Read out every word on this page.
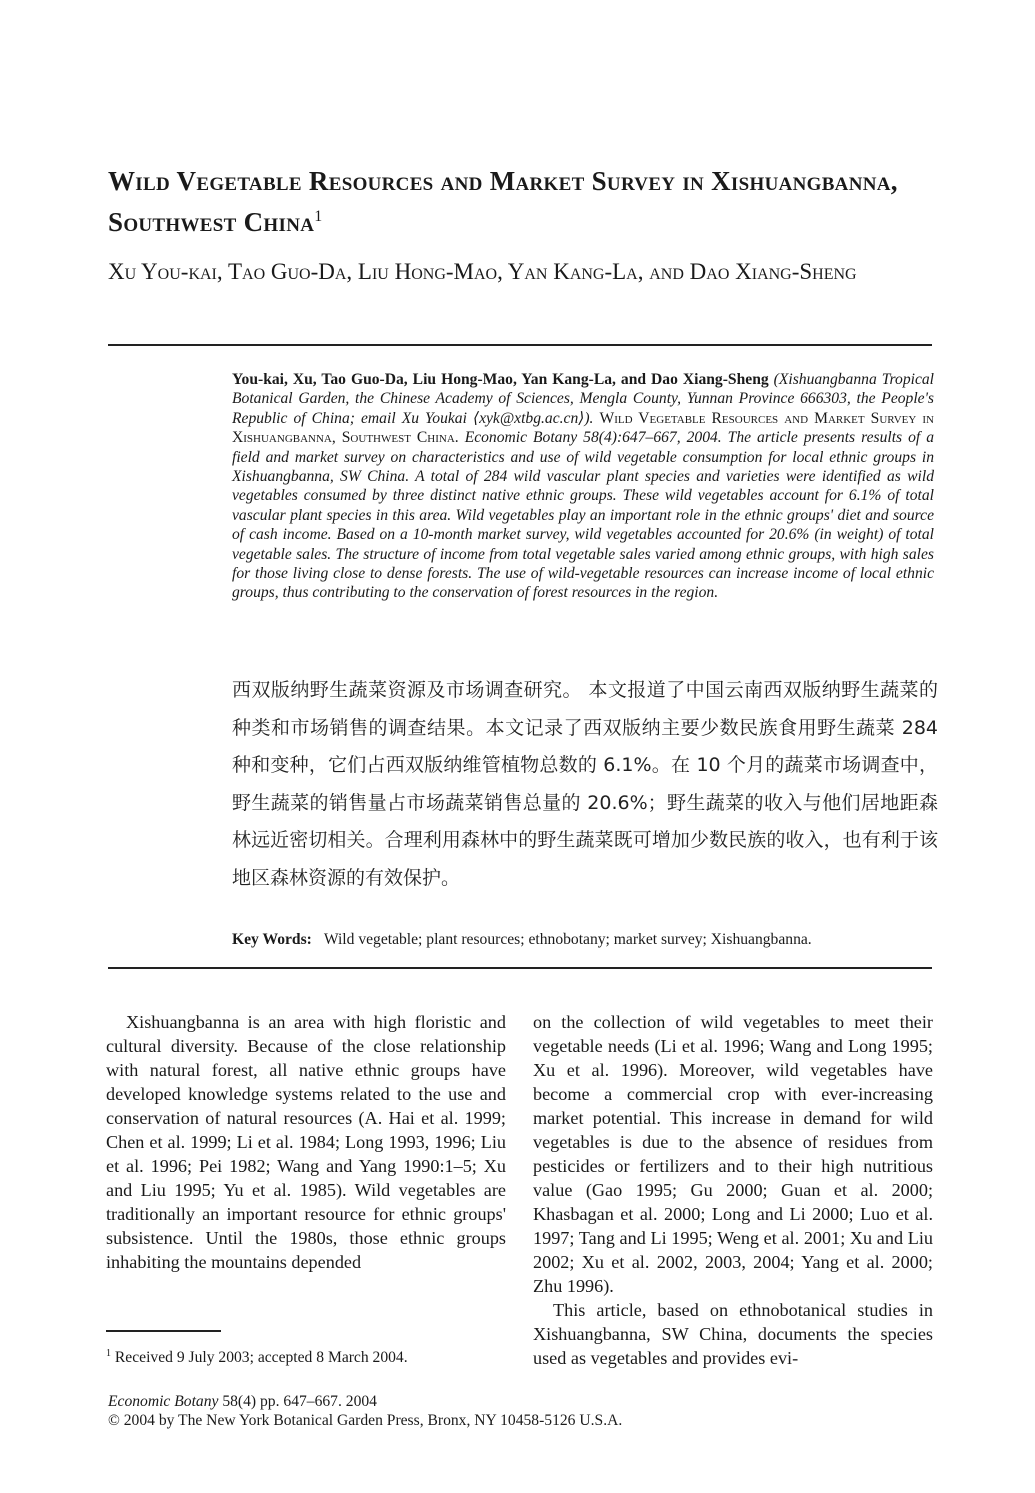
Wild Vegetable Resources and Market Survey in Xishuangbanna, Southwest China$^1$

Xu You-kai, Tao Guo-Da, Liu Hong-Mao, Yan Kang-La, and Dao Xiang-Sheng

You-kai, Xu, Tao Guo-Da, Liu Hong-Mao, Yan Kang-La, and Dao Xiang-Sheng (Xishuangbanna Tropical Botanical Garden, the Chinese Academy of Sciences, Mengla County, Yunnan Province 666303, the People's Republic of China; email Xu Youkai ⟨xyk@xtbg.ac.cn⟩). Wild Vegetable Resources and Market Survey in Xishuangbanna, Southwest China. Economic Botany 58(4):647–667, 2004. The article presents results of a field and market survey on characteristics and use of wild vegetable consumption for local ethnic groups in Xishuangbanna, SW China. A total of 284 wild vascular plant species and varieties were identified as wild vegetables consumed by three distinct native ethnic groups. These wild vegetables account for 6.1% of total vascular plant species in this area. Wild vegetables play an important role in the ethnic groups' diet and source of cash income. Based on a 10-month market survey, wild vegetables accounted for 20.6% (in weight) of total vegetable sales. The structure of income from total vegetable sales varied among ethnic groups, with high sales for those living close to dense forests. The use of wild-vegetable resources can increase income of local ethnic groups, thus contributing to the conservation of forest resources in the region.

西双版纳野生蔬菜资源及市场调查研究。 本文报道了中国云南西双版纳野生蔬菜的种类和市场销售的调查结果。本文记录了西双版纳主要少数民族食用野生蔬菜 284 种和变种，它们占西双版纳维管植物总数的 6.1%。在 10 个月的蔬菜市场调查中，野生蔬菜的销售量占市场蔬菜销售总量的 20.6%；野生蔬菜的收入与他们居地距森林远近密切相关。合理利用森林中的野生蔬菜既可增加少数民族的收入，也有利于该地区森林资源的有效保护。

Key Words: Wild vegetable; plant resources; ethnobotany; market survey; Xishuangbanna.

Xishuangbanna is an area with high floristic and cultural diversity. Because of the close relationship with natural forest, all native ethnic groups have developed knowledge systems related to the use and conservation of natural resources (A. Hai et al. 1999; Chen et al. 1999; Li et al. 1984; Long 1993, 1996; Liu et al. 1996; Pei 1982; Wang and Yang 1990:1–5; Xu and Liu 1995; Yu et al. 1985). Wild vegetables are traditionally an important resource for ethnic groups' subsistence. Until the 1980s, those ethnic groups inhabiting the mountains depended

on the collection of wild vegetables to meet their vegetable needs (Li et al. 1996; Wang and Long 1995; Xu et al. 1996). Moreover, wild vegetables have become a commercial crop with ever-increasing market potential. This increase in demand for wild vegetables is due to the absence of residues from pesticides or fertilizers and to their high nutritious value (Gao 1995; Gu 2000; Guan et al. 2000; Khasbagan et al. 2000; Long and Li 2000; Luo et al. 1997; Tang and Li 1995; Weng et al. 2001; Xu and Liu 2002; Xu et al. 2002, 2003, 2004; Yang et al. 2000; Zhu 1996).

This article, based on ethnobotanical studies in Xishuangbanna, SW China, documents the species used as vegetables and provides evi-

$^1$ Received 9 July 2003; accepted 8 March 2004.

Economic Botany 58(4) pp. 647–667. 2004

© 2004 by The New York Botanical Garden Press, Bronx, NY 10458-5126 U.S.A.
